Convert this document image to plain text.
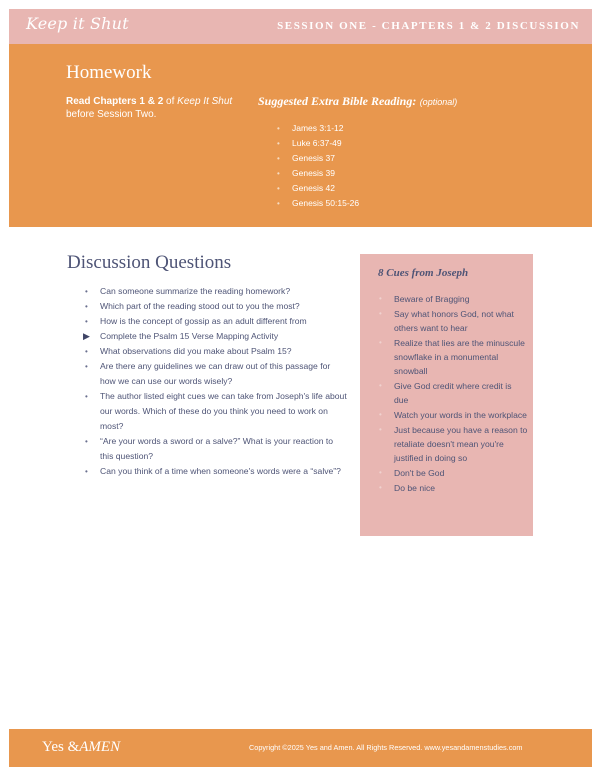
Keep it Shut	SESSION ONE - CHAPTERS 1 & 2 DISCUSSION
Homework
Read Chapters 1 & 2 of Keep It Shut
before Session Two.
Suggested Extra Bible Reading: (optional)
• James 3:1-12
• Luke 6:37-49
• Genesis 37
• Genesis 39
• Genesis 42
• Genesis 50:15-26
Discussion Questions
• Can someone summarize the reading homework?
• Which part of the reading stood out to you the most?
• How is the concept of gossip as an adult different from
▶ Complete the Psalm 15 Verse Mapping Activity
• What observations did you make about Psalm 15?
• Are there any guidelines we can draw out of this passage for how we can use our words wisely?
• The author listed eight cues we can take from Joseph's life about our words. Which of these do you think you need to work on most?
• “Are your words a sword or a salve?” What is your reaction to this question?
• Can you think of a time when someone's words were a “salve”?
8 Cues from Joseph
• Beware of Bragging
• Say what honors God, not what others want to hear
• Realize that lies are the minuscule snowflake in a monumental snowball
• Give God credit where credit is due
• Watch your words in the workplace
• Just because you have a reason to retaliate doesn't mean you're justified in doing so
• Don't be God
• Do be nice
Yes &AMEN	Copyright ©2025 Yes and Amen. All Rights Reserved. www.yesandamenstudies.com
